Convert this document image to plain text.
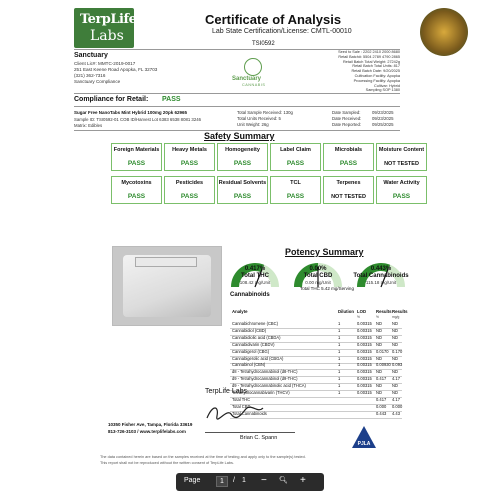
TerpLife
Labs
Certificate of Analysis
Lab State Certification/License: CMTL-00010
TSI0592
Sanctuary
Client Lic#: MMTC-2019-0017
251 East Keene Road Apopka, FL 32703
(321) 362-7316
Sanctuary Compliance	Sanctuary
CANNABIS
Seed to Sale : 2202 2410 2000 8680
Retail Batch#: 5504 2789 4790 2865
Retail Batch Total Weight: 27242g
Retail Batch Total Units: 817
Retail Batch Date: 9/20/2025
Cultivation Facility: Apopka
Processing Facility: Apopka
Cultivar: Hybrid
Sampling SOP 1380
Compliance for Retail: PASS
Sugar Free NanoTabs Mint Hybrid 100mg 20pk 62965
Sample ID: TSI0592-01 COB ID/Harvest Lot 6383 6538 8081 3246
Matrix: Edibles
Total Sample Received: 130g
Total Units Received: 5
Unit Weight: 26g
Date Sampled:	09/23/2025
Date Received: 09/23/2025
Date Reported:	09/25/2025
Safety Summary
Foreign Materials
PASS
Heavy Metals
PASS
Homogeneity
PASS
Label Claim
PASS
Microbials
PASS
Moisture Content
NOT TESTED
Mycotoxins
PASS
Pesticides
PASS
Residual Solvents
PASS
TCL
PASS
Terpenes
NOT TESTED
Water Activity
PASS
Potency Summary
0.417%
Total THC
108.42 mg/Unit
0.00%
Total CBD
0.00 mg/Unit
0.443%
Total Cannabinoids
115.18 mg/Unit
Total THC 5.42 mg/Serving
Cannabinoids
Analyte	Dilution LOD Results Results
%	%	mg/g
Cannabichromene (CBC)	1	0.00315 ND ND
Cannabidiol (CBD)	1	0.00315 ND ND
Cannabidiolic acid (CBDA)	1	0.00315 ND ND
Cannabidivarin (CBDV)	1	0.00315 ND ND
Cannabigerol (CBG)	1	0.00315 0.0170 0.170
Cannabigerolic acid (CBGA)	1	0.00315 ND ND
Cannabinol (CBN)	1	0.00315 0.00930 0.093
d8 - Tetrahydrocannabinol (d8-THC)	1	0.00315 ND ND
d9 - Tetrahydrocannabinol (d9-THC)	1	0.00315 0.417 4.17
d9 - Tetrahydrocannabinolic acid (THCA)	1	0.00315 ND ND
Tetrahydrocannabivarin (THCV)	1	0.00315 ND ND
Total THC	0.417 4.17
Total CBD	0.000 0.000
Total Cannabinoids	0.443 4.43
TerpLife Labs
10350 Fisher Ave, Tampa, Florida 33619
813-726-3103 / www.terplifelabs.com
Brian C. Spann
PJLA
The data contained herein are based on the samples received at the time of testing and apply only to the sample(s) tested.
This report shall not be reproduced without the written consent of TerpLife Labs.
Page	1	/ 1 − 🔍︎ +
